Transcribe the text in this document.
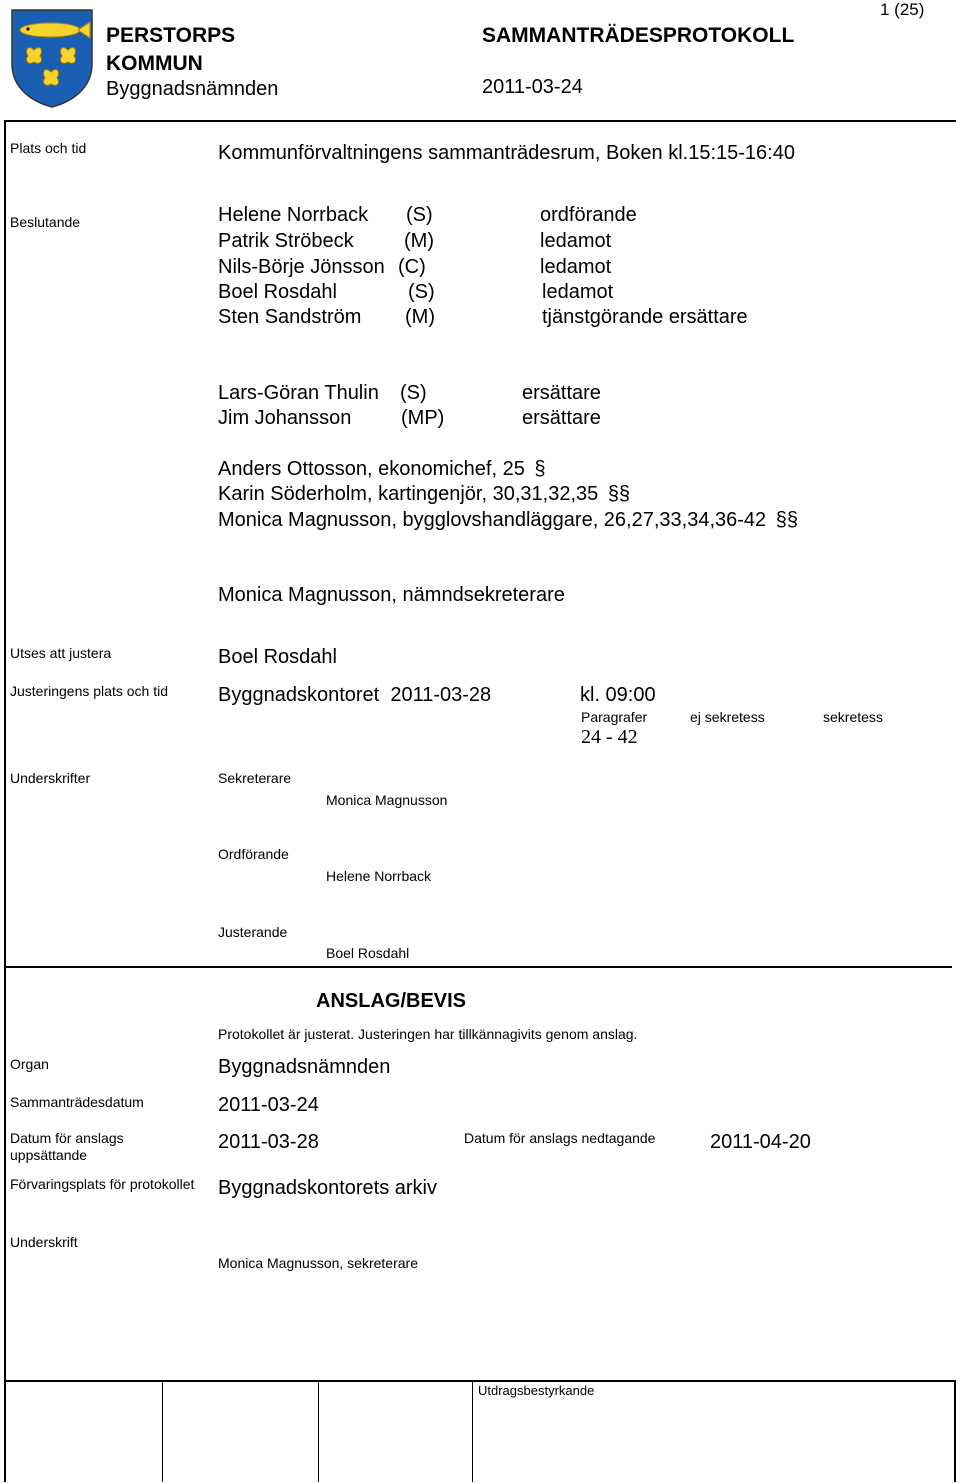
1 (25)
PERSTORPS
KOMMUN
Byggnadsnämnden
SAMMANTRÄDESPROTOKOLL
2011-03-24
Plats och tid	Kommunförvaltningens sammanträdesrum, Boken kl.15:15-16:40
Beslutande	Helene Norrback (S)	ordförande
Patrik Ströbeck	(M)	ledamot
Nils-Börje Jönsson (C)	ledamot
Boel Rosdahl	(S)	ledamot
Sten Sandström (M)	tjänstgörande ersättare
Lars-Göran Thulin (S)	ersättare
Jim Johansson (MP)	ersättare
Anders Ottosson, ekonomichef, 25 §
Karin Söderholm, kartingenjör, 30,31,32,35 §§
Monica Magnusson, bygglovshandläggare, 26,27,33,34,36-42 §§
Monica Magnusson, nämndsekreterare
Utses att justera	Boel Rosdahl
Justeringens plats och tid	Byggnadskontoret  2011-03-28	kl. 09:00
Paragrafer	ej sekretess	sekretess
24 - 42
Underskrifter	Sekreterare
Monica Magnusson
Ordförande
Helene Norrback
Justerande
Boel Rosdahl
ANSLAG/BEVIS
Protokollet är justerat. Justeringen har tillkännagivits genom anslag.
Organ	Byggnadsnämnden
Sammanträdesdatum	2011-03-24
Datum för anslags
uppsättande
2011-03-28	Datum för anslags nedtagande	2011-04-20
Förvaringsplats för protokollet Byggnadskontorets arkiv
Underskrift
Monica Magnusson, sekreterare
Utdragsbestyrkande
